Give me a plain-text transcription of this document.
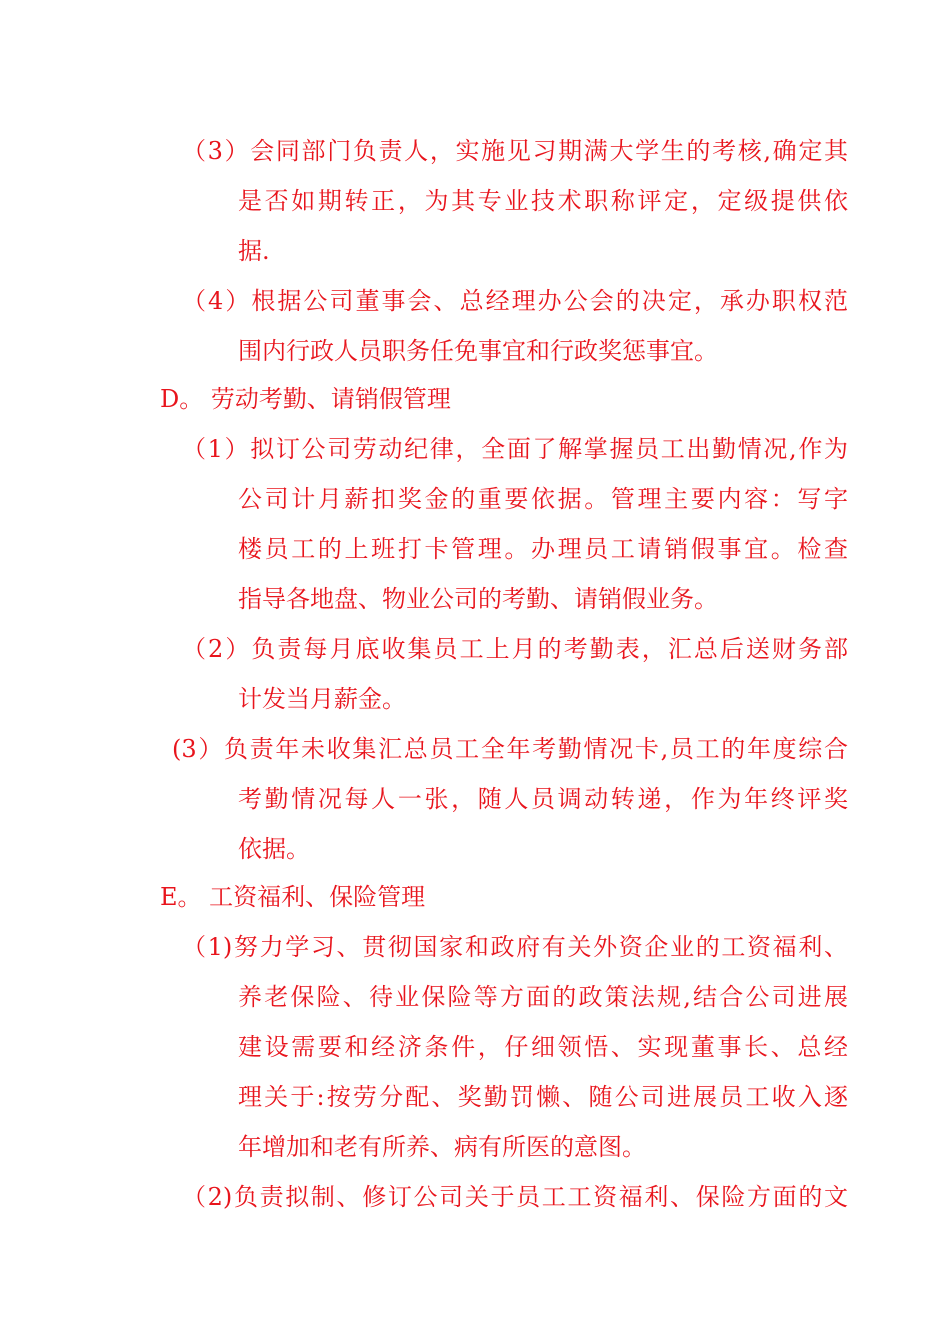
（3）会同部门负责人，实施见习期满大学生的考核,确定其
是否如期转正，为其专业技术职称评定，定级提供依
据.
（4）根据公司董事会、总经理办公会的决定，承办职权范
围内行政人员职务任免事宜和行政奖惩事宜。
D。 劳动考勤、请销假管理
（1）拟订公司劳动纪律，全面了解掌握员工出勤情况,作为
公司计月薪扣奖金的重要依据。管理主要内容：写字
楼员工的上班打卡管理。办理员工请销假事宜。检查
指导各地盘、物业公司的考勤、请销假业务。
（2）负责每月底收集员工上月的考勤表，汇总后送财务部
计发当月薪金。
(3）负责年未收集汇总员工全年考勤情况卡,员工的年度综合
考勤情况每人一张，随人员调动转递，作为年终评奖
依据。
E。 工资福利、保险管理
（1)努力学习、贯彻国家和政府有关外资企业的工资福利、
养老保险、待业保险等方面的政策法规,结合公司进展
建设需要和经济条件，仔细领悟、实现董事长、总经
理关于:按劳分配、奖勤罚懒、随公司进展员工收入逐
年增加和老有所养、病有所医的意图。
（2)负责拟制、修订公司关于员工工资福利、保险方面的文
